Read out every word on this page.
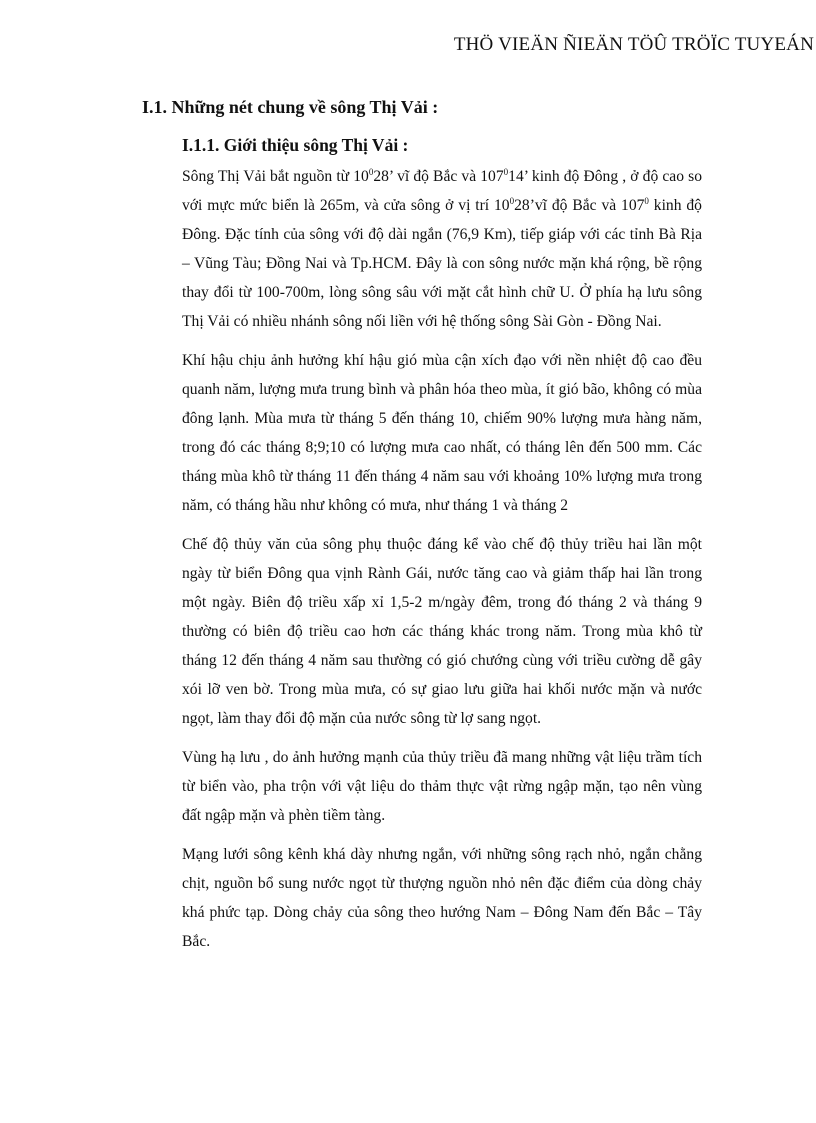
THÖ VIEÄN ÑIEÄN TÖÛ TRÖÏC TUYEÁN
I.1. Những nét chung về sông Thị Vải :
I.1.1. Giới thiệu sông Thị Vải :

Sông Thị Vải bắt nguồn từ $10^028$’ vĩ độ Bắc và $107^014$’ kinh độ Đông , ở độ cao so với mực mức biển là 265m, và cửa sông ở vị trí $10^028’vĩ$ độ Bắc và $107^0$ kinh độ Đông. Đặc tính của sông với độ dài ngắn (76,9 Km), tiếp giáp với các tỉnh Bà Rịa – Vũng Tàu; Đồng Nai và Tp.HCM. Đây là con sông nước mặn khá rộng, bề rộng thay đổi từ 100-700m, lòng sông sâu với mặt cắt hình chữ U. Ở phía hạ lưu sông Thị Vải có nhiều nhánh sông nối liền với hệ thống sông Sài Gòn - Đồng Nai.

Khí hậu chịu ảnh hưởng khí hậu gió mùa cận xích đạo với nền nhiệt độ cao đều quanh năm, lượng mưa trung bình và phân hóa theo mùa, ít gió bão, không có mùa đông lạnh. Mùa mưa từ tháng 5 đến tháng 10, chiếm 90% lượng mưa hàng năm, trong đó các tháng 8;9;10 có lượng mưa cao nhất, có tháng lên đến 500 mm. Các tháng mùa khô từ tháng 11 đến tháng 4 năm sau với khoảng 10% lượng mưa trong năm, có tháng hầu như không có mưa, như tháng 1 và tháng 2

Chế độ thủy văn của sông phụ thuộc đáng kể vào chế độ thủy triều hai lần một ngày từ biển Đông qua vịnh Rành Gái, nước tăng cao và giảm thấp hai lần trong một ngày. Biên độ triều xấp xỉ 1,5-2 m/ngày đêm, trong đó tháng 2 và tháng 9 thường có biên độ triều cao hơn các tháng khác trong năm. Trong mùa khô từ tháng 12 đến tháng 4 năm sau thường có gió chướng cùng với triều cường dễ gây xói lỡ ven bờ. Trong mùa mưa, có sự giao lưu giữa hai khối nước mặn và nước ngọt, làm thay đổi độ mặn của nước sông từ lợ sang ngọt.

Vùng hạ lưu , do ảnh hưởng mạnh của thủy triều đã mang những vật liệu trầm tích từ biển vào, pha trộn với vật liệu do thảm thực vật rừng ngập mặn, tạo nên vùng đất ngập mặn và phèn tiềm tàng.

Mạng lưới sông kênh khá dày nhưng ngắn, với những sông rạch nhỏ, ngắn chằng chịt, nguồn bổ sung nước ngọt từ thượng nguồn nhỏ nên đặc điểm của dòng chảy khá phức tạp. Dòng chảy của sông theo hướng Nam – Đông Nam đến Bắc – Tây Bắc.
